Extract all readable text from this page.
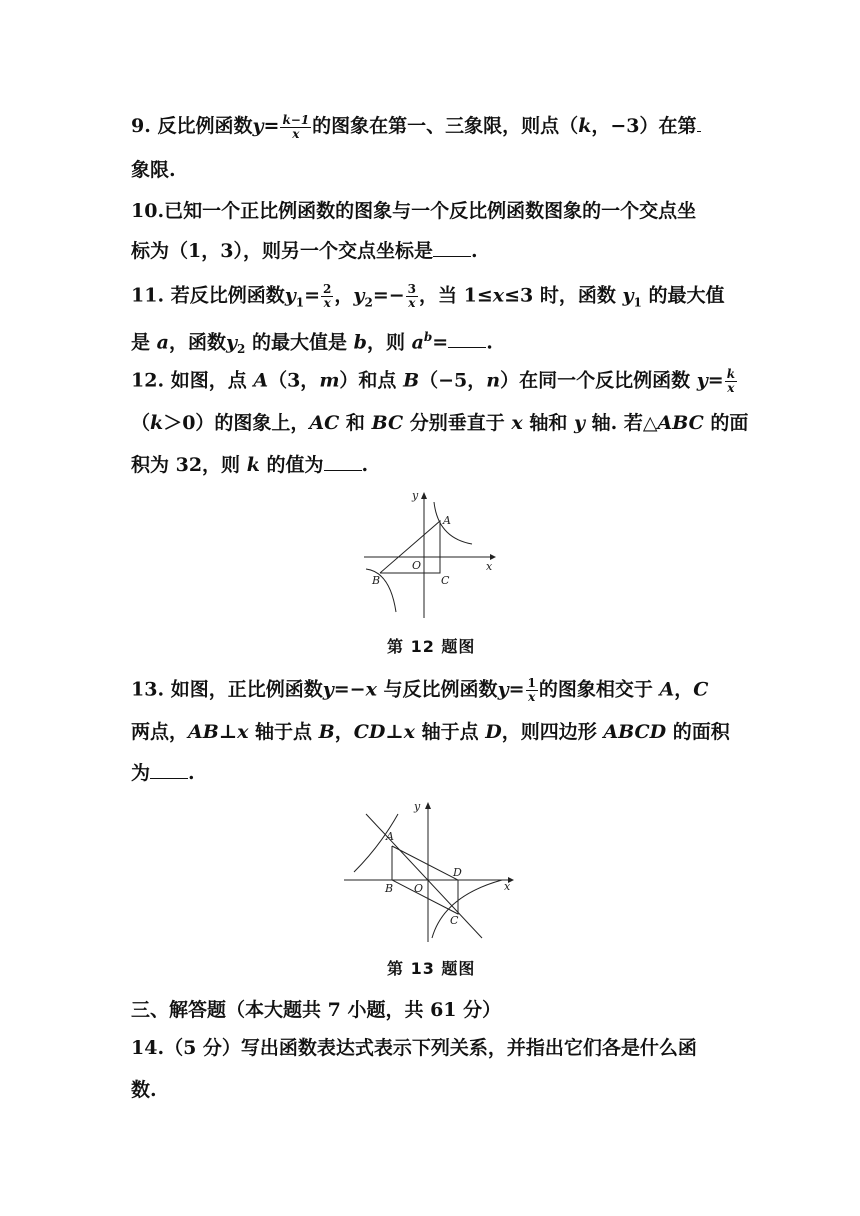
9. 反比例函数$y= \frac{k-1}{x}$ 的图象在第一、三象限，则点（k，−3）在第
象限.
10.已知一个正比例函数的图象与一个反比例函数图象的一个交点坐
标为（1，3），则另一个交点坐标是 .
11. 若反比例函数$y_1= \frac{2}{x}$ ，$y_2=- \frac{3}{x}$ ，当 1≤x≤3 时，函数 $y_1$ 的最大值
是 a，函数$y_2$ 的最大值是 b，则 $a^b=$ .
12. 如图，点 A（3，m）和点 B（−5，n）在同一个反比例函数 $y= \frac{k}{x}$
（k＞0）的图象上，AC 和 BC 分别垂直于 x 轴和 y 轴. 若△ABC 的面
积为 32，则 k 的值为 .
y
x
A
B
O
C
第 12 题图
13. 如图，正比例函数y=−x 与反比例函数$y= \frac{1}{x}$ 的图象相交于 A，C
两点，AB⊥x 轴于点 B，CD⊥x 轴于点 D，则四边形 ABCD 的面积
为 .
y
x
A
B O
D
C
第 13 题图
三、解答题（本大题共 7 小题，共 61 分）
14.（5 分）写出函数表达式表示下列关系，并指出它们各是什么函
数.
